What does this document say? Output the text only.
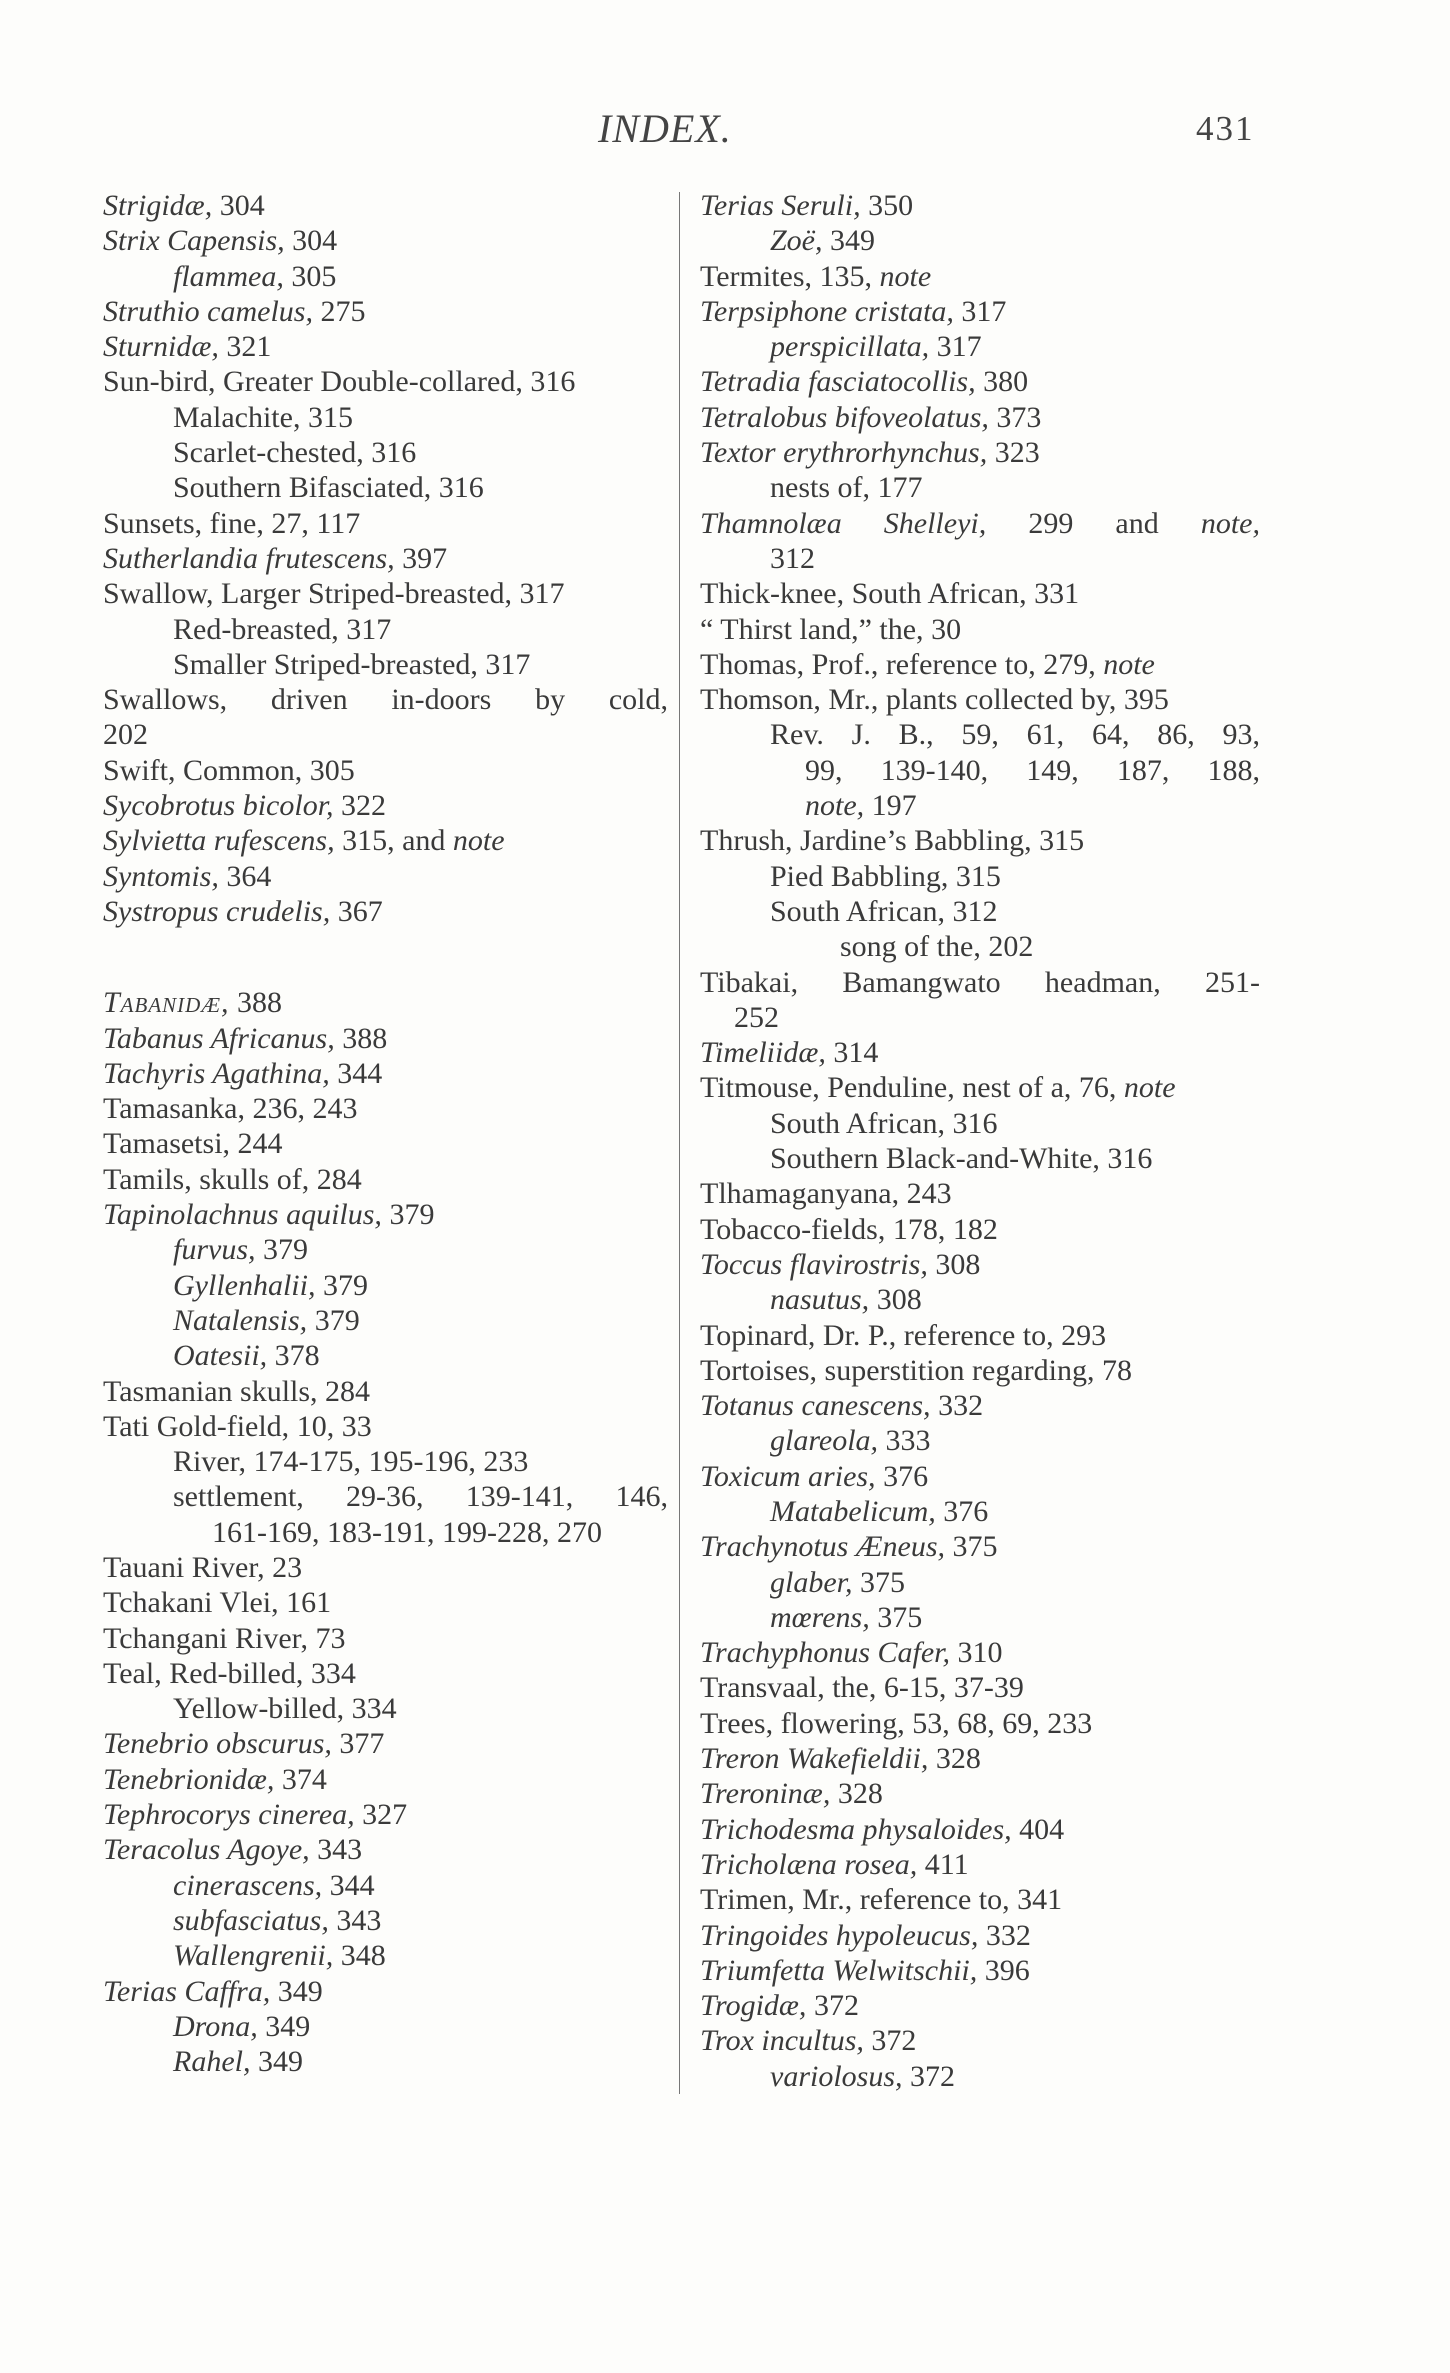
INDEX.	431
Strigidæ, 304
Strix Capensis, 304
flammea, 305
Struthio camelus, 275
Sturnidæ, 321
Sun-bird, Greater Double-collared, 316
Malachite, 315
Scarlet-chested, 316
Southern Bifasciated, 316
Sunsets, fine, 27, 117
Sutherlandia frutescens, 397
Swallow, Larger Striped-breasted, 317
Red-breasted, 317
Smaller Striped-breasted, 317
Swallows, driven in-doors by cold,
202
Swift, Common, 305
Sycobrotus bicolor, 322
Sylvietta rufescens, 315, and note
Syntomis, 364
Systropus crudelis, 367
Tabanidæ, 388
Tabanus Africanus, 388
Tachyris Agathina, 344
Tamasanka, 236, 243
Tamasetsi, 244
Tamils, skulls of, 284
Tapinolachnus aquilus, 379
furvus, 379
Gyllenhalii, 379
Natalensis, 379
Oatesii, 378
Tasmanian skulls, 284
Tati Gold-field, 10, 33
River, 174-175, 195-196, 233
settlement, 29-36, 139-141, 146,
161-169, 183-191, 199-228, 270
Tauani River, 23
Tchakani Vlei, 161
Tchangani River, 73
Teal, Red-billed, 334
Yellow-billed, 334
Tenebrio obscurus, 377
Tenebrionidæ, 374
Tephrocorys cinerea, 327
Teracolus Agoye, 343
cinerascens, 344
subfasciatus, 343
Wallengrenii, 348
Terias Caffra, 349
Drona, 349
Rahel, 349
Terias Seruli, 350
Zoë, 349
Termites, 135, note
Terpsiphone cristata, 317
perspicillata, 317
Tetradia fasciatocollis, 380
Tetralobus bifoveolatus, 373
Textor erythrorhynchus, 323
nests of, 177
Thamnolæa Shelleyi, 299 and note,
312
Thick-knee, South African, 331
“ Thirst land,” the, 30
Thomas, Prof., reference to, 279, note
Thomson, Mr., plants collected by, 395
Rev. J. B., 59, 61, 64, 86, 93,
99, 139-140, 149, 187, 188,
note, 197
Thrush, Jardine’s Babbling, 315
Pied Babbling, 315
South African, 312
song of the, 202
Tibakai, Bamangwato headman, 251-
252
Timeliidæ, 314
Titmouse, Penduline, nest of a, 76, note
South African, 316
Southern Black-and-White, 316
Tlhamaganyana, 243
Tobacco-fields, 178, 182
Toccus flavirostris, 308
nasutus, 308
Topinard, Dr. P., reference to, 293
Tortoises, superstition regarding, 78
Totanus canescens, 332
glareola, 333
Toxicum aries, 376
Matabelicum, 376
Trachynotus Æneus, 375
glaber, 375
mœrens, 375
Trachyphonus Cafer, 310
Transvaal, the, 6-15, 37-39
Trees, flowering, 53, 68, 69, 233
Treron Wakefieldii, 328
Treroninæ, 328
Trichodesma physaloides, 404
Tricholæna rosea, 411
Trimen, Mr., reference to, 341
Tringoides hypoleucus, 332
Triumfetta Welwitschii, 396
Trogidæ, 372
Trox incultus, 372
variolosus, 372
